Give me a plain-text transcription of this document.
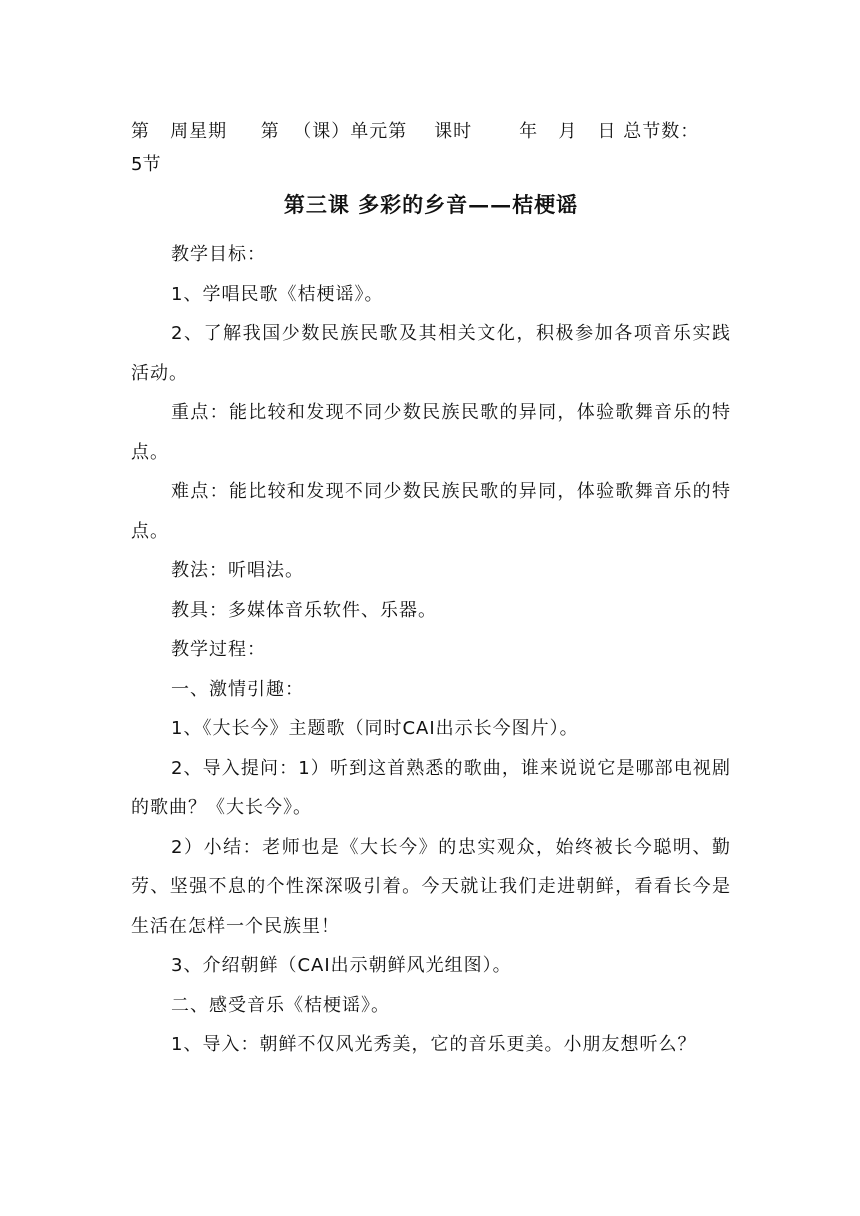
第   周星期     第  （课）单元第    课时       年   月   日 总节数：

5节

第三课 多彩的乡音——桔梗谣

教学目标：

1、学唱民歌《桔梗谣》。

2、了解我国少数民族民歌及其相关文化，积极参加各项音乐实践活动。

重点：能比较和发现不同少数民族民歌的异同，体验歌舞音乐的特点。

难点：能比较和发现不同少数民族民歌的异同，体验歌舞音乐的特点。

教法：听唱法。

教具：多媒体音乐软件、乐器。

教学过程：

一、激情引趣：

1、《大长今》主题歌（同时CAI出示长今图片）。

2、导入提问：1）听到这首熟悉的歌曲，谁来说说它是哪部电视剧的歌曲？《大长今》。

2）小结：老师也是《大长今》的忠实观众，始终被长今聪明、勤劳、坚强不息的个性深深吸引着。今天就让我们走进朝鲜，看看长今是生活在怎样一个民族里！

3、介绍朝鲜（CAI出示朝鲜风光组图）。

二、感受音乐《桔梗谣》。

1、导入：朝鲜不仅风光秀美，它的音乐更美。小朋友想听么？
